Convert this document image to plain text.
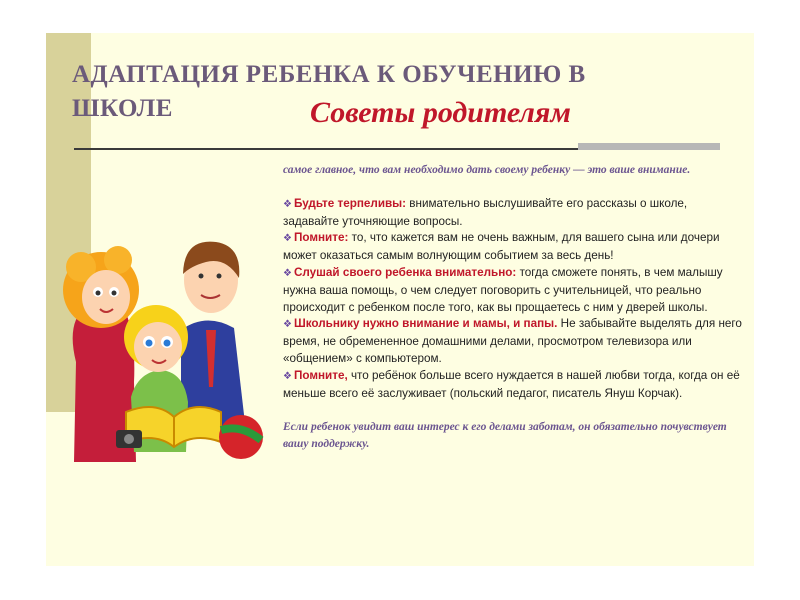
АДАПТАЦИЯ РЕБЕНКА К ОБУЧЕНИЮ В ШКОЛЕ	Советы родителям
самое главное, что вам необходимо дать своему ребенку — это ваше внимание.
❖ Будьте терпеливы: внимательно выслушивайте его рассказы о школе, задавайте уточняющие вопросы.
❖ Помните: то, что кажется вам не очень важным, для вашего сына или дочери может оказаться самым волнующим событием за весь день!
❖ Слушай своего ребенка внимательно: тогда сможете понять, в чем малышу нужна ваша помощь, о чем следует поговорить с учительницей, что реально происходит с ребенком после того, как вы прощаетесь с ним у дверей школы.
❖ Школьнику нужно внимание и мамы, и папы. Не забывайте выделять для него время, не обремененное домашними делами, просмотром телевизора или «общением» с компьютером.
❖ Помните, что ребёнок больше всего нуждается в нашей любви тогда, когда он её меньше всего её заслуживает (польский педагог, писатель Януш Корчак).
Если ребенок увидит ваш интерес к его делами заботам, он обязательно почувствует вашу поддержку.
